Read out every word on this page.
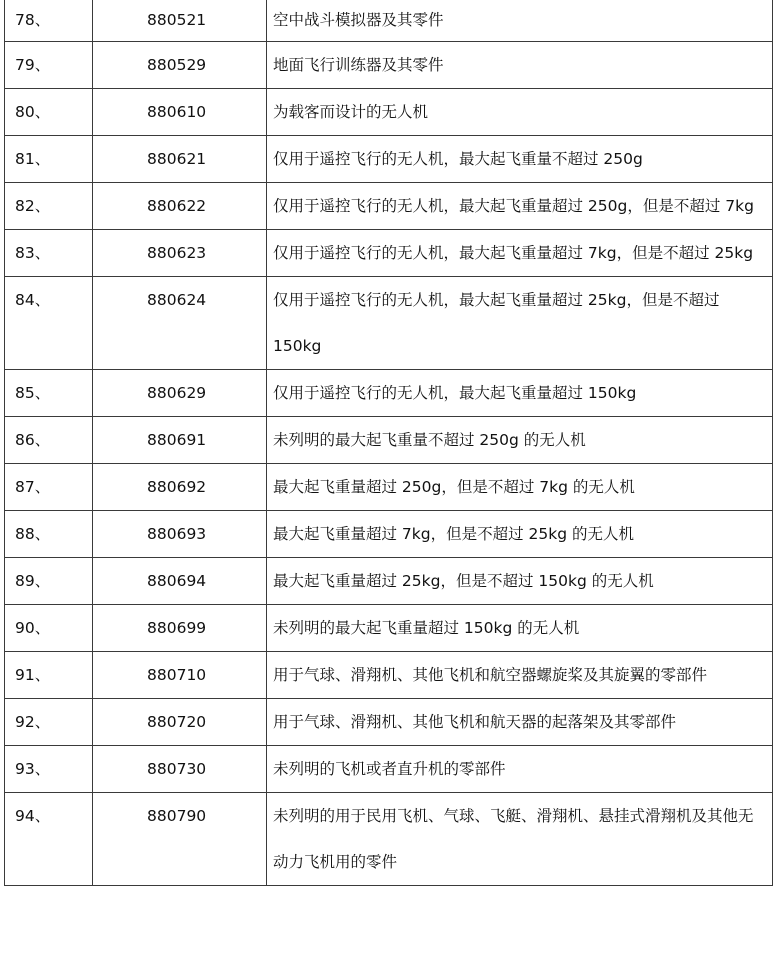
78、	880521	空中战斗模拟器及其零件
79、	880529	地面飞行训练器及其零件
80、	880610	为载客而设计的无人机
81、	880621	仅用于遥控飞行的无人机，最大起飞重量不超过 250g
82、	880622	仅用于遥控飞行的无人机，最大起飞重量超过 250g，但是不超过 7kg
83、	880623	仅用于遥控飞行的无人机，最大起飞重量超过 7kg，但是不超过 25kg
84、	880624	仅用于遥控飞行的无人机，最大起飞重量超过 25kg，但是不超过 150kg
85、	880629	仅用于遥控飞行的无人机，最大起飞重量超过 150kg
86、	880691	未列明的最大起飞重量不超过 250g 的无人机
87、	880692	最大起飞重量超过 250g，但是不超过 7kg 的无人机
88、	880693	最大起飞重量超过 7kg，但是不超过 25kg 的无人机
89、	880694	最大起飞重量超过 25kg，但是不超过 150kg 的无人机
90、	880699	未列明的最大起飞重量超过 150kg 的无人机
91、	880710	用于气球、滑翔机、其他飞机和航空器螺旋桨及其旋翼的零部件
92、	880720	用于气球、滑翔机、其他飞机和航天器的起落架及其零部件
93、	880730	未列明的飞机或者直升机的零部件
94、	880790	未列明的用于民用飞机、气球、飞艇、滑翔机、悬挂式滑翔机及其他无动力飞机用的零件
